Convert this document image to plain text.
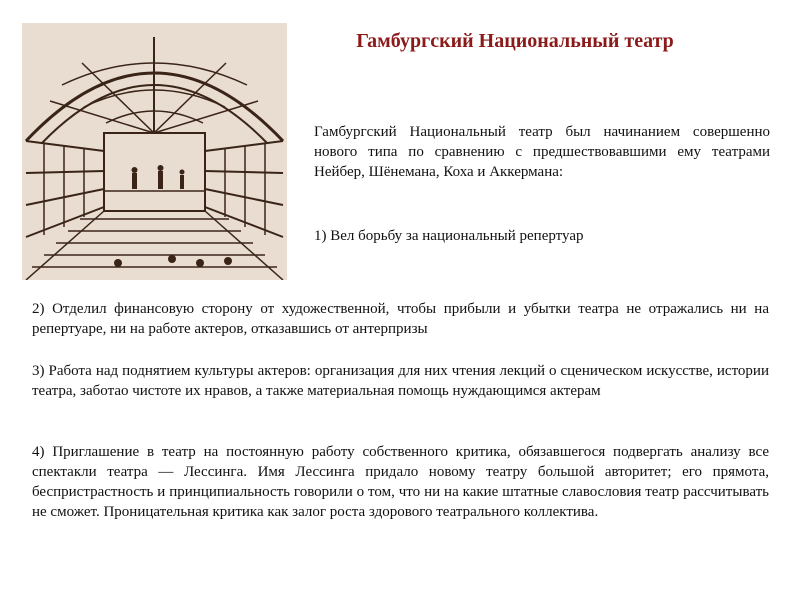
Гамбургский Национальный театр
Гамбургский Национальный театр был начинанием совершенно нового типа по сравнению с предшествовавшими ему театрами Нейбер, Шёнемана, Коха и Аккермана:
1) Вел борьбу за национальный репертуар
2) Отделил финансовую сторону от художественной, чтобы прибыли и убытки театра не отражались ни на репертуаре, ни на работе актеров, отказавшись от антерпризы
3) Работа над поднятием культуры актеров: организация для них чтения лекций о сценическом искусстве, истории театра, заботао чистоте их нравов, а также материальная помощь нуждающимся актерам
4) Приглашение в театр на постоянную работу собственного критика, обязавшегося подвергать анализу все спектакли театра — Лессинга. Имя Лессинга придало новому театру большой авторитет; его прямота, беспристрастность и принципиальность говорили о том, что ни на какие штатные славословия театр рассчитывать не сможет. Проницательная критика как залог роста здорового театрального коллектива.
